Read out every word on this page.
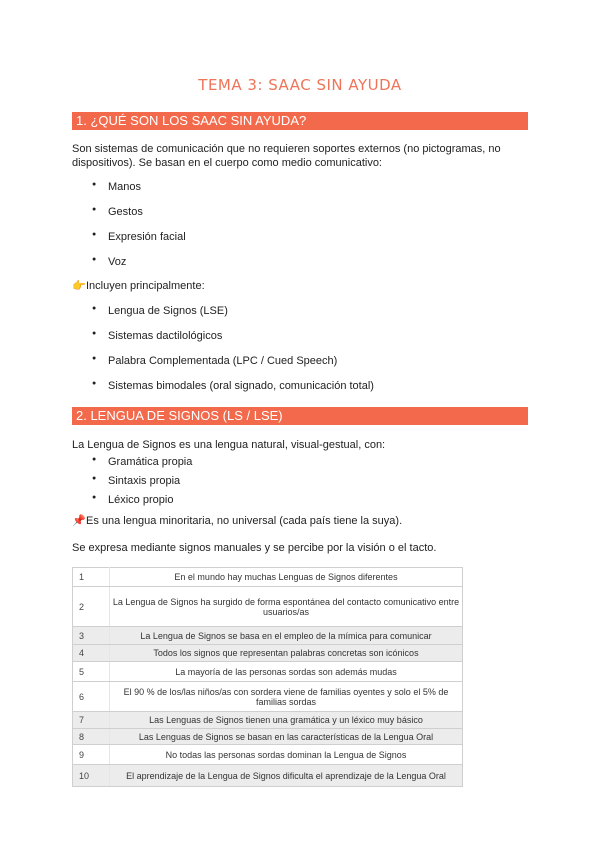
TEMA 3: SAAC SIN AYUDA
1. ¿QUÉ SON LOS SAAC SIN AYUDA?

Son sistemas de comunicación que no requieren soportes externos (no pictogramas, no

dispositivos). Se basan en el cuerpo como medio comunicativo:

● Manos
● Gestos
● Expresión facial
● Voz

👉Incluyen principalmente:

● Lengua de Signos (LSE)
● Sistemas dactilológicos
● Palabra Complementada (LPC / Cued Speech)
● Sistemas bimodales (oral signado, comunicación total)
2. LENGUA DE SIGNOS (LS / LSE)

La Lengua de Signos es una lengua natural, visual-gestual, con:

● Gramática propia
● Sintaxis propia
● Léxico propio

📌Es una lengua minoritaria, no universal (cada país tiene la suya).

Se expresa mediante signos manuales y se percibe por la visión o el tacto.

1	En el mundo hay muchas Lenguas de Signos diferentes
2	La Lengua de Signos ha surgido de forma espontánea del contacto comunicativo entre usuarios/as
3	La Lengua de Signos se basa en el empleo de la mímica para comunicar
4	Todos los signos que representan palabras concretas son icónicos
5	La mayoría de las personas sordas son además mudas
6	El 90 % de los/las niños/as con sordera viene de familias oyentes y solo el 5% de familias sordas
7	Las Lenguas de Signos tienen una gramática y un léxico muy básico
8	Las Lenguas de Signos se basan en las características de la Lengua Oral
9	No todas las personas sordas dominan la Lengua de Signos
10	El aprendizaje de la Lengua de Signos dificulta el aprendizaje de la Lengua Oral
